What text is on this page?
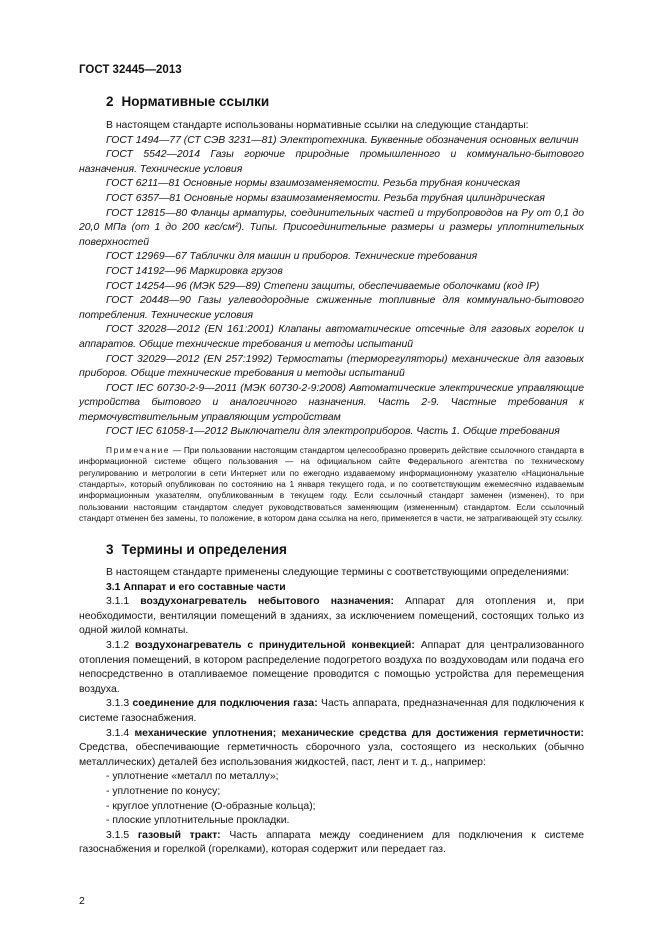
ГОСТ 32445—2013
2 Нормативные ссылки

В настоящем стандарте использованы нормативные ссылки на следующие стандарты:

ГОСТ 1494—77 (СТ СЭВ 3231—81) Электротехника. Буквенные обозначения основных величин

ГОСТ 5542—2014 Газы горючие природные промышленного и коммунально-бытового назначения. Технические условия

ГОСТ 6211—81 Основные нормы взаимозаменяемости. Резьба трубная коническая

ГОСТ 6357—81 Основные нормы взаимозаменяемости. Резьба трубная цилиндрическая

ГОСТ 12815—80 Фланцы арматуры, соединительных частей и трубопроводов на Pу от 0,1 до 20,0 МПа (от 1 до 200 кгс/см²). Типы. Присоединительные размеры и размеры уплотнительных поверхностей

ГОСТ 12969—67 Таблички для машин и приборов. Технические требования

ГОСТ 14192—96 Маркировка грузов

ГОСТ 14254—96 (МЭК 529—89) Степени защиты, обеспечиваемые оболочками (код IP)

ГОСТ 20448—90 Газы углеводородные сжиженные топливные для коммунально-бытового потребления. Технические условия

ГОСТ 32028—2012 (EN 161:2001) Клапаны автоматические отсечные для газовых горелок и аппаратов. Общие технические требования и методы испытаний

ГОСТ 32029—2012 (EN 257:1992) Термостаты (терморегуляторы) механические для газовых приборов. Общие технические требования и методы испытаний

ГОСТ IEC 60730-2-9—2011 (МЭК 60730-2-9:2008) Автоматические электрические управляющие устройства бытового и аналогичного назначения. Часть 2-9. Частные требования к термочувствительным управляющим устройствам

ГОСТ IEC 61058-1—2012 Выключатели для электроприборов. Часть 1. Общие требования

Примечание — При пользовании настоящим стандартом целесообразно проверить действие ссылочного стандарта в информационной системе общего пользования — на официальном сайте Федерального агентства по техническому регулированию и метрологии в сети Интернет или по ежегодно издаваемому информационному указателю «Национальные стандарты», который опубликован по состоянию на 1 января текущего года, и по соответствующим ежемесячно издаваемым информационным указателям, опубликованным в текущем году. Если ссылочный стандарт заменен (изменен), то при пользовании настоящим стандартом следует руководствоваться заменяющим (измененным) стандартом. Если ссылочный стандарт отменен без замены, то положение, в котором дана ссылка на него, применяется в части, не затрагивающей эту ссылку.

3 Термины и определения

В настоящем стандарте применены следующие термины с соответствующими определениями:

3.1 Аппарат и его составные части

3.1.1 воздухонагреватель небытового назначения: Аппарат для отопления и, при необходимости, вентиляции помещений в зданиях, за исключением помещений, состоящих только из одной жилой комнаты.

3.1.2 воздухонагреватель с принудительной конвекцией: Аппарат для централизованного отопления помещений, в котором распределение подогретого воздуха по воздуховодам или подача его непосредственно в отапливаемое помещение проводится с помощью устройства для перемещения воздуха.

3.1.3 соединение для подключения газа: Часть аппарата, предназначенная для подключения к системе газоснабжения.

3.1.4 механические уплотнения; механические средства для достижения герметичности: Средства, обеспечивающие герметичность сборочного узла, состоящего из нескольких (обычно металлических) деталей без использования жидкостей, паст, лент и т. д., например:

- уплотнение «металл по металлу»;

- уплотнение по конусу;

- круглое уплотнение (О-образные кольца);

- плоские уплотнительные прокладки.

3.1.5 газовый тракт: Часть аппарата между соединением для подключения к системе газоснабжения и горелкой (горелками), которая содержит или передает газ.

2
